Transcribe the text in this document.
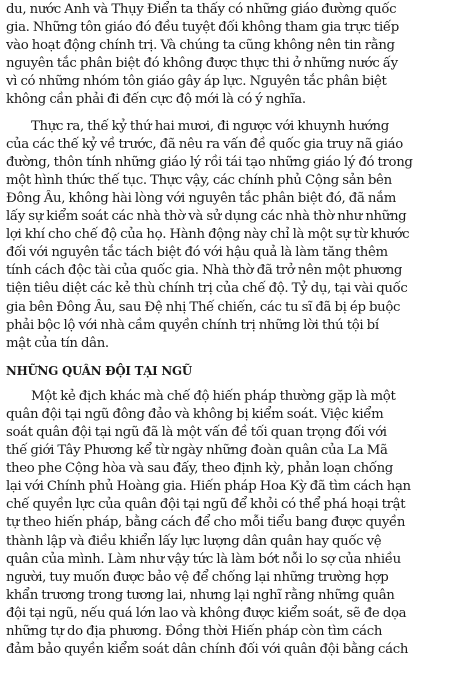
du, nước Anh và Thụy Điển ta thấy có những giáo đường quốc
gia. Những tôn giáo đó đều tuyệt đối không tham gia trực tiếp
vào hoạt động chính trị. Và chúng ta cũng không nên tin rằng
nguyên tắc phân biệt đó không được thực thi ở những nước ấy
vì có những nhóm tôn giáo gây áp lực. Nguyên tắc phân biệt
không cần phải đi đến cực độ mới là có ý nghĩa.

Thực ra, thế kỷ thứ hai mươi, đi ngược với khuynh hướng
của các thế kỷ về trước, đã nêu ra vấn đề quốc gia truy nã giáo
đường, thôn tính những giáo lý rồi tái tạo những giáo lý đó trong
một hình thức thế tục. Thực vậy, các chính phủ Cộng sản bên
Đông Âu, không hài lòng với nguyên tắc phân biệt đó, đã nắm
lấy sự kiểm soát các nhà thờ và sử dụng các nhà thờ như những
lợi khí cho chế độ của họ. Hành động này chỉ là một sự từ khước
đối với nguyên tắc tách biệt đó với hậu quả là làm tăng thêm
tính cách độc tài của quốc gia. Nhà thờ đã trở nên một phương
tiện tiêu diệt các kẻ thù chính trị của chế độ. Tỷ dụ, tại vài quốc
gia bên Đông Âu, sau Đệ nhị Thế chiến, các tu sĩ đã bị ép buộc
phải bộc lộ với nhà cầm quyền chính trị những lời thú tội bí
mật của tín dân.

NHỮNG QUÂN ĐỘI TẠI NGŨ

Một kẻ địch khác mà chế độ hiến pháp thường gặp là một
quân đội tại ngũ đông đảo và không bị kiểm soát. Việc kiểm
soát quân đội tại ngũ đã là một vấn đề tối quan trọng đối với
thế giới Tây Phương kể từ ngày những đoàn quân của La Mã
theo phe Cộng hòa và sau đấy, theo định kỳ, phản loạn chống
lại với Chính phủ Hoàng gia. Hiến pháp Hoa Kỳ đã tìm cách hạn
chế quyền lực của quân đội tại ngũ để khỏi có thể phá hoại trật
tự theo hiến pháp, bằng cách để cho mỗi tiểu bang được quyền
thành lập và điều khiển lấy lực lượng dân quân hay quốc vệ
quân của mình. Làm như vậy tức là làm bớt nỗi lo sợ của nhiều
người, tuy muốn được bảo vệ để chống lại những trường hợp
khẩn trương trong tương lai, nhưng lại nghĩ rằng những quân
đội tại ngũ, nếu quá lớn lao và không được kiểm soát, sẽ đe dọa
những tự do địa phương. Đồng thời Hiến pháp còn tìm cách
đảm bảo quyền kiểm soát dân chính đối với quân đội bằng cách
